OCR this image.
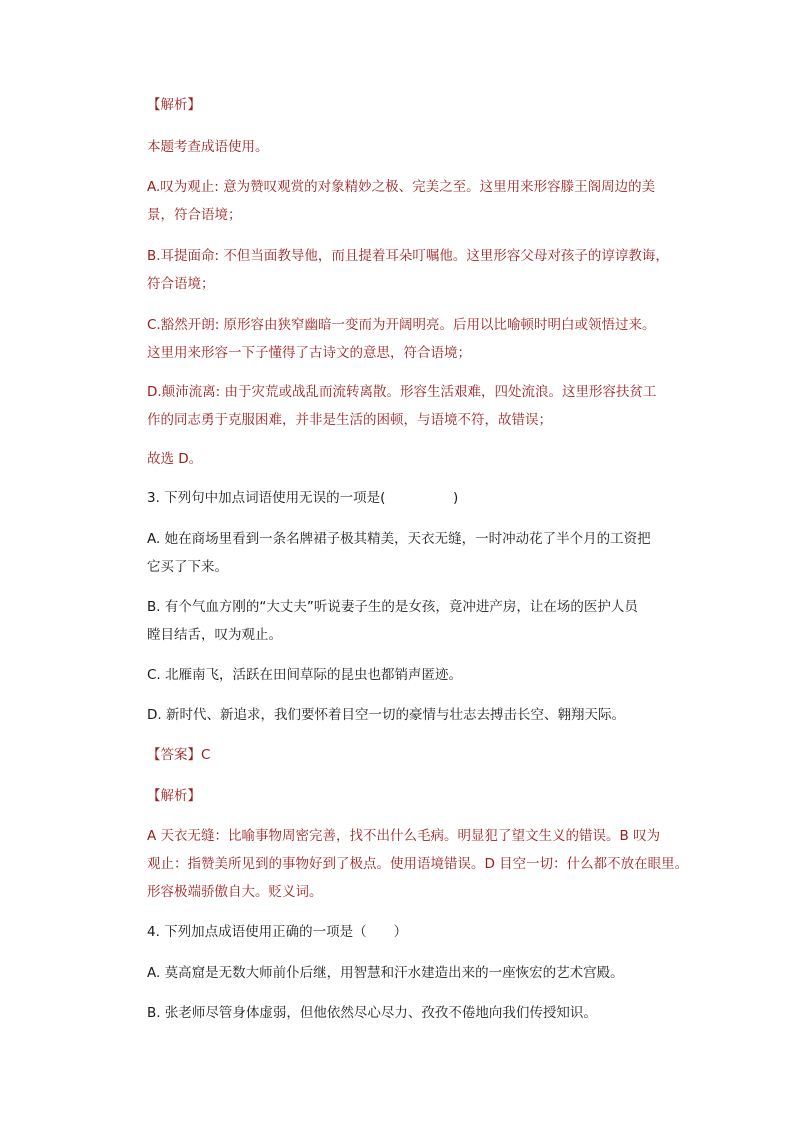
【解析】
本题考查成语使用。
A.叹为观止: 意为赞叹观赏的对象精妙之极、完美之至。这里用来形容滕王阁周边的美
景，符合语境；
B.耳提面命: 不但当面教导他，而且提着耳朵叮嘱他。这里形容父母对孩子的谆谆教诲，
符合语境；
C.豁然开朗: 原形容由狭窄幽暗一变而为开阔明亮。后用以比喻顿时明白或领悟过来。
这里用来形容一下子懂得了古诗文的意思，符合语境；
D.颠沛流离: 由于灾荒或战乱而流转离散。形容生活艰难，四处流浪。这里形容扶贫工
作的同志勇于克服困难，并非是生活的困顿，与语境不符，故错误；
故选 D。
3. 下列句中加点词语使用无误的一项是(　　　　　)
A. 她在商场里看到一条名牌裙子极其精美，天衣无缝，一时冲动花了半个月的工资把
它买了下来。
B. 有个气血方刚的“大丈夫”听说妻子生的是女孩，竟冲进产房，让在场的医护人员
瞠目结舌，叹为观止。
C. 北雁南飞，活跃在田间草际的昆虫也都销声匿迹。
D. 新时代、新追求，我们要怀着目空一切的豪情与壮志去搏击长空、翱翔天际。
【答案】C
【解析】
A 天衣无缝：比喻事物周密完善，找不出什么毛病。明显犯了望文生义的错误。B 叹为
观止：指赞美所见到的事物好到了极点。使用语境错误。D 目空一切：什么都不放在眼里。
形容极端骄傲自大。贬义词。
4. 下列加点成语使用正确的一项是（　　）
A. 莫高窟是无数大师前仆后继，用智慧和汗水建造出来的一座恢宏的艺术宫殿。
B. 张老师尽管身体虚弱，但他依然尽心尽力、孜孜不倦地向我们传授知识。
